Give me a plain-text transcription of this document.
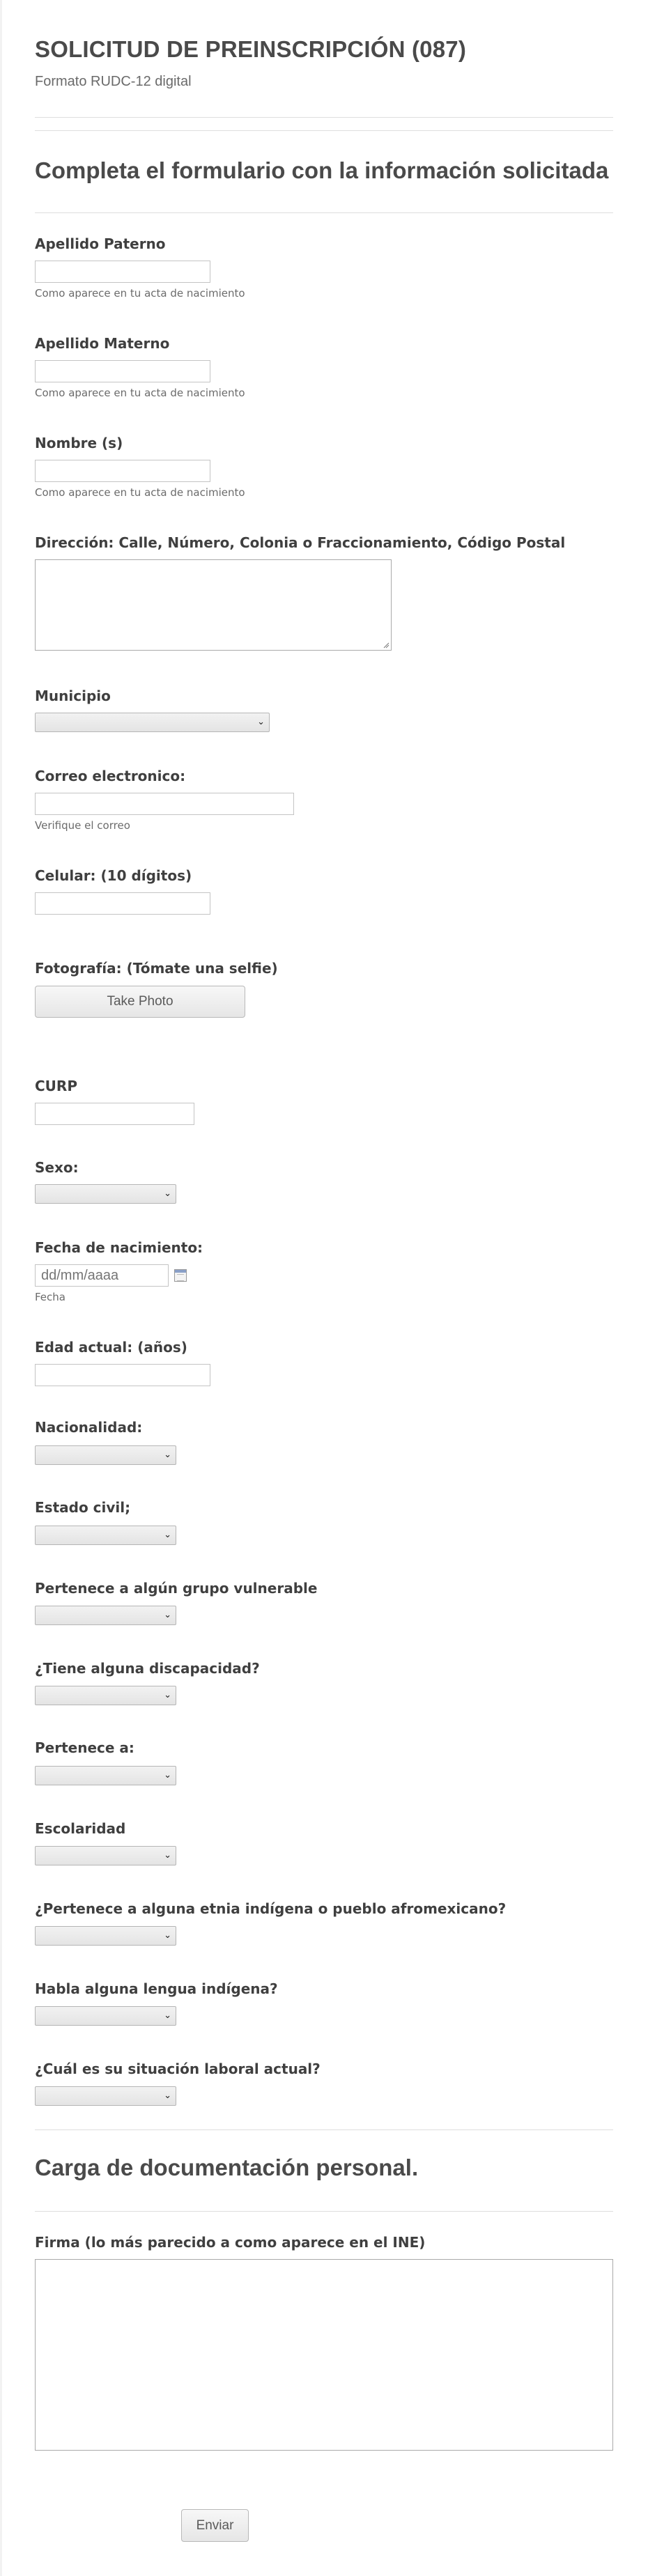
SOLICITUD DE PREINSCRIPCIÓN (087)
Formato RUDC-12 digital
Completa el formulario con la información solicitada
Apellido Paterno
Como aparece en tu acta de nacimiento
Apellido Materno
Como aparece en tu acta de nacimiento
Nombre (s)
Como aparece en tu acta de nacimiento
Dirección: Calle, Número, Colonia o Fraccionamiento, Código Postal
Municipio
⌄
Correo electronico:
Verifique el correo
Celular: (10 dígitos)
Fotografía: (Tómate una selfie)
Take Photo
CURP
Sexo:
⌄
Fecha de nacimiento:
dd/mm/aaaa
Fecha
Edad actual: (años)
Nacionalidad:
⌄
Estado civil;
⌄
Pertenece a algún grupo vulnerable
⌄
¿Tiene alguna discapacidad?
⌄
Pertenece a:
⌄
Escolaridad
⌄
¿Pertenece a alguna etnia indígena o pueblo afromexicano?
⌄
Habla alguna lengua indígena?
⌄
¿Cuál es su situación laboral actual?
⌄
Carga de documentación personal.
Firma (lo más parecido a como aparece en el INE)
Enviar
